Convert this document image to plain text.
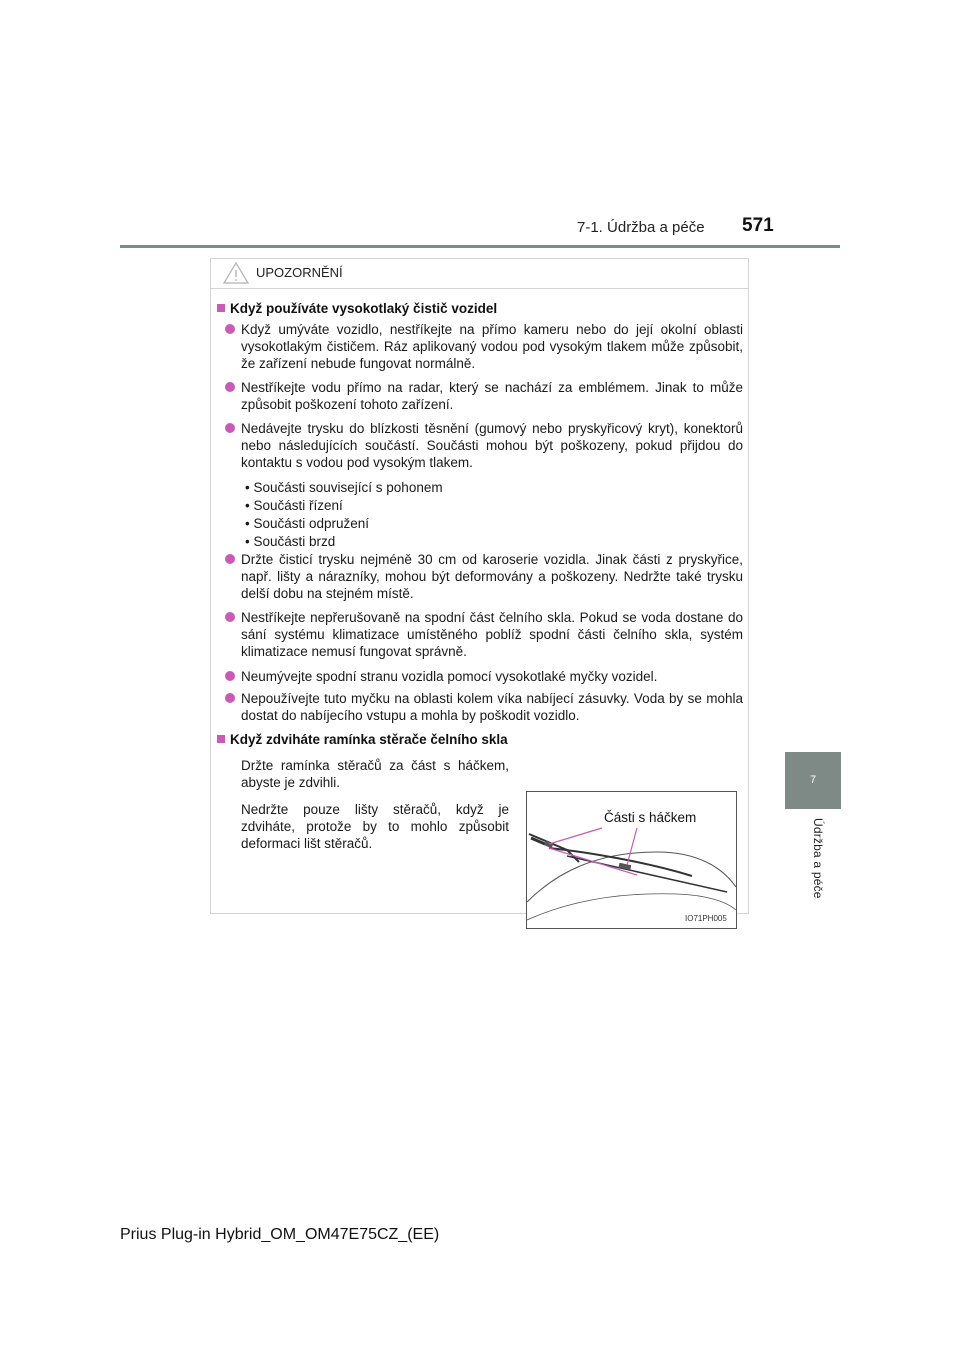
7-1. Údržba a péče 571
7
Údržba a péče
UPOZORNĚNÍ
Když používáte vysokotlaký čistič vozidel
Když umýváte vozidlo, nestříkejte na přímo kameru nebo do její okolní oblasti vysokotlakým čističem. Ráz aplikovaný vodou pod vysokým tlakem může způsobit, že zařízení nebude fungovat normálně.
Nestříkejte vodu přímo na radar, který se nachází za emblémem. Jinak to může způsobit poškození tohoto zařízení.
Nedávejte trysku do blízkosti těsnění (gumový nebo pryskyřicový kryt), konektorů nebo následujících součástí. Součásti mohou být poškozeny, pokud přijdou do kontaktu s vodou pod vysokým tlakem.
• Součásti související s pohonem
• Součásti řízení
• Součásti odpružení
• Součásti brzd
Držte čisticí trysku nejméně 30 cm od karoserie vozidla. Jinak části z pryskyřice, např. lišty a nárazníky, mohou být deformovány a poškozeny. Nedržte také trysku delší dobu na stejném místě.
Nestříkejte nepřerušovaně na spodní část čelního skla. Pokud se voda dostane do sání systému klimatizace umístěného poblíž spodní části čelního skla, systém klimatizace nemusí fungovat správně.
Neumývejte spodní stranu vozidla pomocí vysokotlaké myčky vozidel.
Nepoužívejte tuto myčku na oblasti kolem víka nabíjecí zásuvky. Voda by se mohla dostat do nabíjecího vstupu a mohla by poškodit vozidlo.
Když zdviháte ramínka stěrače čelního skla
Držte ramínka stěračů za část s háčkem, abyste je zdvihli.
Nedržte pouze lišty stěračů, když je zdviháte, protože by to mohlo způsobit deformaci lišt stěračů.
Části s háčkem
IO71PH005
Prius Plug-in Hybrid_OM_OM47E75CZ_(EE)
